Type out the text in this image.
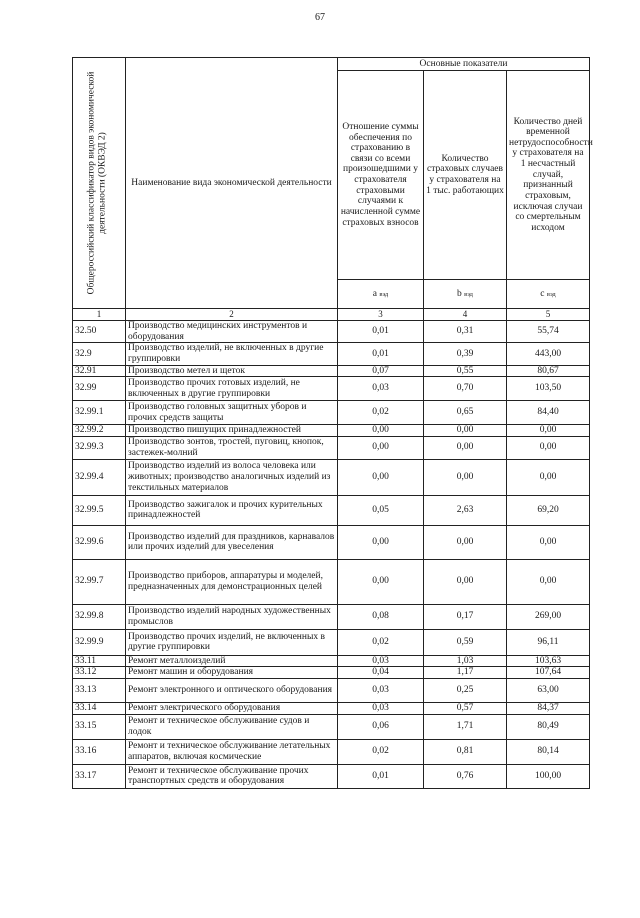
67
Общероссийский классификатор видов экономической деятельности (ОКВЭД 2)	Наименование вида экономической деятельности	Основные показатели		
		Отношение суммы обеспечения по страхованию в связи со всеми произошедшими у страхователя страховыми случаями к начисленной сумме страховых взносов	Количество страховых случаев у страхователя на 1 тыс. работающих	Количество дней временной нетрудоспособности у страхователя на 1 несчастный случай, признанный страховым, исключая случаи со смертельным исходом
		a вэд	b вэд	c вэд
1	2	3	4	5
32.50	Производство медицинских инструментов и оборудования	0,01	0,31	55,74
32.9	Производство изделий, не включенных в другие группировки	0,01	0,39	443,00
32.91	Производство метел и щеток	0,07	0,55	80,67
32.99	Производство прочих готовых изделий, не включенных в другие группировки	0,03	0,70	103,50
32.99.1	Производство головных защитных уборов и прочих средств защиты	0,02	0,65	84,40
32.99.2	Производство пишущих принадлежностей	0,00	0,00	0,00
32.99.3	Производство зонтов, тростей, пуговиц, кнопок, застежек-молний	0,00	0,00	0,00
32.99.4	Производство изделий из волоса человека или животных; производство аналогичных изделий из текстильных материалов	0,00	0,00	0,00
32.99.5	Производство зажигалок и прочих курительных принадлежностей	0,05	2,63	69,20
32.99.6	Производство изделий для праздников, карнавалов или прочих изделий для увеселения	0,00	0,00	0,00
32.99.7	Производство приборов, аппаратуры и моделей, предназначенных для демонстрационных целей	0,00	0,00	0,00
32.99.8	Производство изделий народных художественных промыслов	0,08	0,17	269,00
32.99.9	Производство прочих изделий, не включенных в другие группировки	0,02	0,59	96,11
33.11	Ремонт металлоизделий	0,03	1,03	103,63
33.12	Ремонт машин и оборудования	0,04	1,17	107,64
33.13	Ремонт электронного и оптического оборудования	0,03	0,25	63,00
33.14	Ремонт электрического оборудования	0,03	0,57	84,37
33.15	Ремонт и техническое обслуживание судов и лодок	0,06	1,71	80,49
33.16	Ремонт и техническое обслуживание летательных аппаратов, включая космические	0,02	0,81	80,14
33.17	Ремонт и техническое обслуживание прочих транспортных средств и оборудования	0,01	0,76	100,00
